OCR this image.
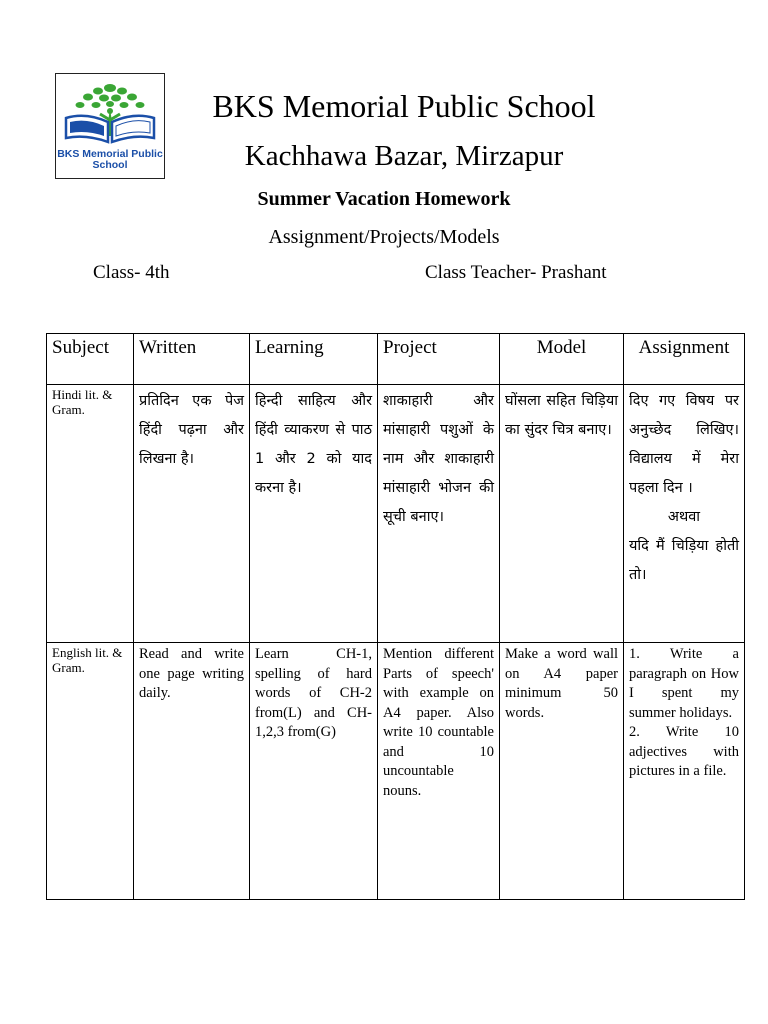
BKS Memorial Public School
BKS Memorial Public School
Kachhawa Bazar, Mirzapur
Summer Vacation Homework
Assignment/Projects/Models
Class- 4th	Class Teacher- Prashant
Subject	Written	Learning	Project	Model	Assignment
Hindi lit. & Gram.	प्रतिदिन एक पेज हिंदी पढ़ना और लिखना है।	हिन्दी साहित्य और हिंदी व्याकरण से पाठ 1 और 2 को याद करना है।	शाकाहारी और मांसाहारी पशुओं के नाम और शाकाहारी मांसाहारी भोजन की सूची बनाए।	घोंसला सहित चिड़िया का सुंदर चित्र बनाए।	दिए गए विषय पर अनुच्छेद लिखिए। विद्यालय में मेरा पहला दिन ।
अथवा
यदि मैं चिड़िया होती तो।
English lit. & Gram.	Read and write one page writing daily.	Learn CH-1, spelling of hard words of CH-2 from(L) and CH-1,2,3 from(G)	Mention different Parts of speech' with example on A4 paper. Also write 10 countable and 10 uncountable nouns.	Make a word wall on A4 paper minimum 50 words.	1. Write a paragraph on How I spent my summer holidays.
2. Write 10 adjectives with pictures in a file.
